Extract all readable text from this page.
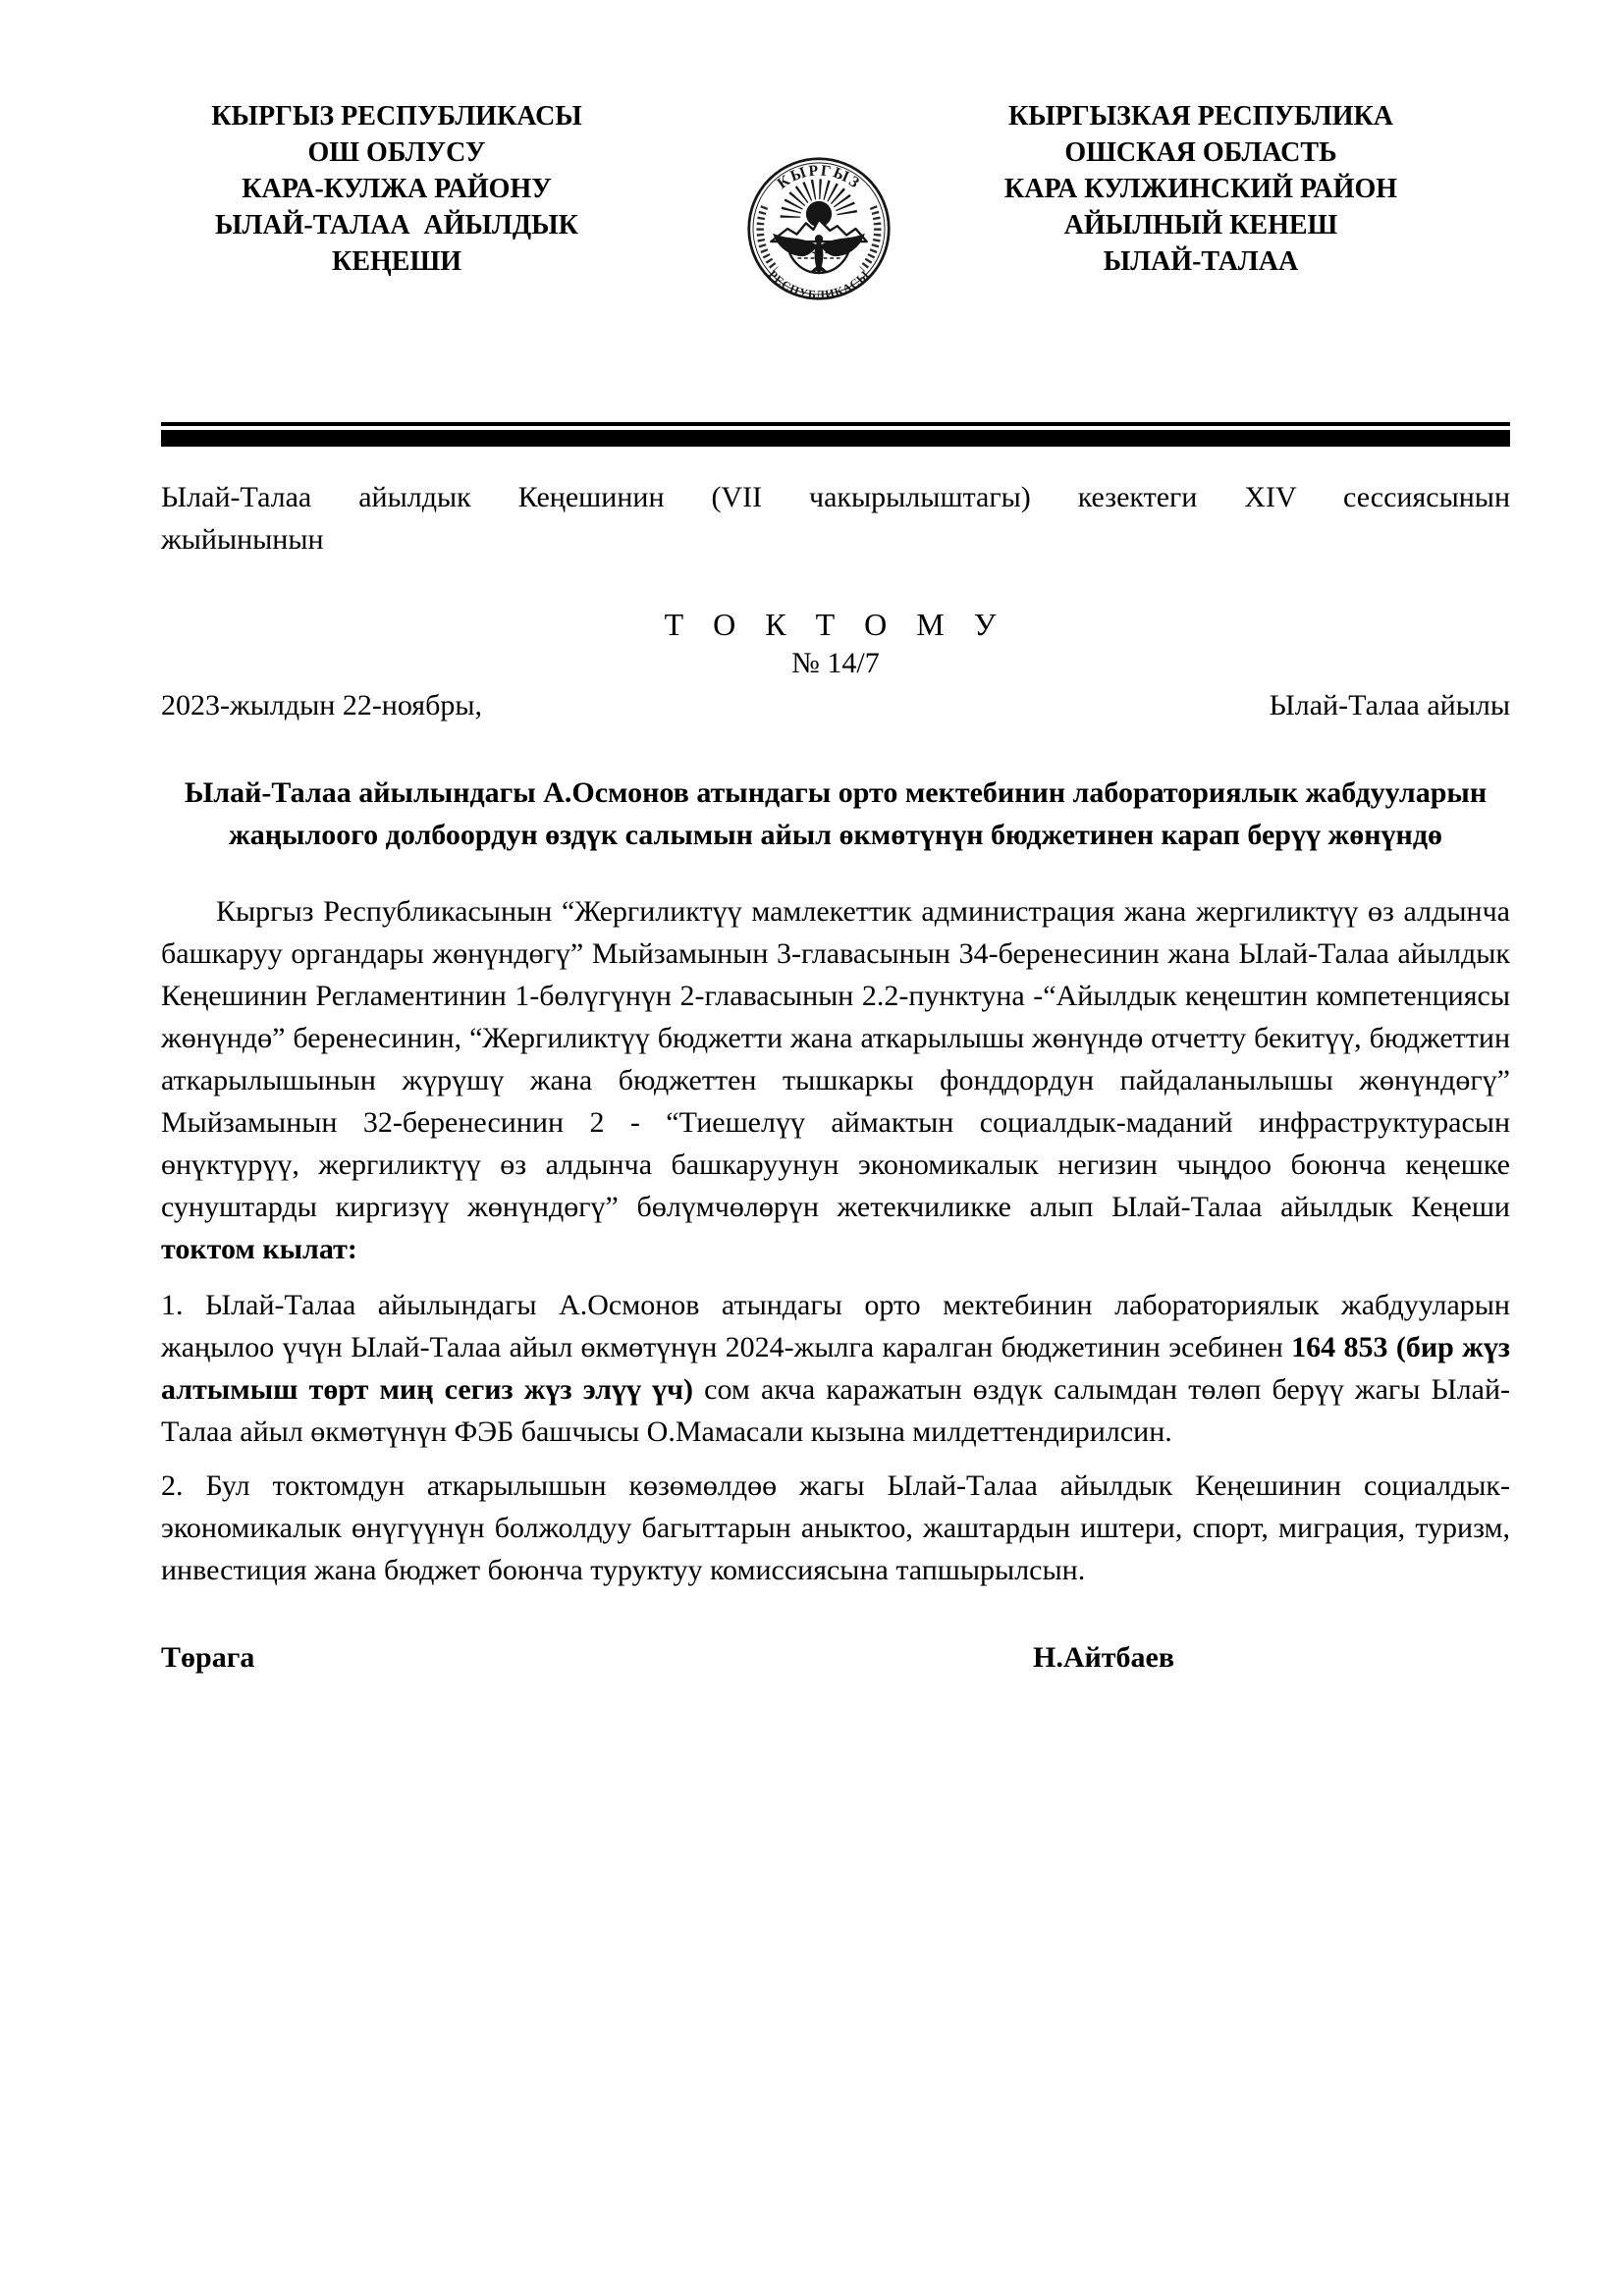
КЫРГЫЗ РЕСПУБЛИКАСЫ
ОШ ОБЛУСУ
КАРА-КУЛЖА РАЙОНУ
ЫЛАЙ-ТАЛАА  АЙЫЛДЫК
КЕҢЕШИ
КЫРГЫЗ
РЕСПУБЛИКАСЫ
КЫРГЫЗКАЯ РЕСПУБЛИКА
ОШСКАЯ ОБЛАСТЬ
КАРА КУЛЖИНСКИЙ РАЙОН
АЙЫЛНЫЙ КЕНЕШ
ЫЛАЙ-ТАЛАА
Ылай-Талаа айылдык Кеңешинин (VII чакырылыштагы) кезектеги XIV сессиясынын
жыйынынын
Т О К Т О М У
№ 14/7
2023-жылдын 22-ноябры,	Ылай-Талаа айылы
Ылай-Талаа айылындагы А.Осмонов атындагы орто мектебинин лабораториялык жабдууларын жаңылоого долбоордун өздүк салымын айыл өкмөтүнүн бюджетинен карап берүү жөнүндө

Кыргыз Республикасынын “Жергиликтүү мамлекеттик администрация жана жергиликтүү өз алдынча башкаруу органдары жөнүндөгү” Мыйзамынын 3-главасынын 34-беренесинин жана Ылай-Талаа айылдык Кеңешинин Регламентинин 1-бөлүгүнүн 2-главасынын 2.2-пунктуна -“Айылдык кеңештин компетенциясы жөнүндө” беренесинин, “Жергиликтүү бюджетти жана аткарылышы жөнүндө отчетту бекитүү, бюджеттин аткарылышынын жүрүшү жана бюджеттен тышкаркы фонддордун пайдаланылышы жөнүндөгү” Мыйзамынын 32-беренесинин 2 - “Тиешелүү аймактын социалдык-маданий инфраструктурасын өнүктүрүү, жергиликтүү өз алдынча башкаруунун экономикалык негизин чыңдоо боюнча кеңешке сунуштарды киргизүү жөнүндөгү” бөлүмчөлөрүн жетекчиликке алып Ылай-Талаа айылдык Кеңеши токтом кылат:

1. Ылай-Талаа айылындагы А.Осмонов атындагы орто мектебинин лабораториялык жабдууларын жаңылоо үчүн Ылай-Талаа айыл өкмөтүнүн 2024-жылга каралган бюджетинин эсебинен 164 853 (бир жүз алтымыш төрт миң сегиз жүз элүү үч) сом акча каражатын өздүк салымдан төлөп берүү жагы Ылай-Талаа айыл өкмөтүнүн ФЭБ башчысы О.Мамасали кызына милдеттендирилсин.

2. Бул токтомдун аткарылышын көзөмөлдөө жагы Ылай-Талаа айылдык Кеңешинин социалдык-экономикалык өнүгүүнүн болжолдуу багыттарын аныктоо, жаштардын иштери, спорт, миграция, туризм, инвестиция жана бюджет боюнча туруктуу комиссиясына тапшырылсын.

Төрага	Н.Айтбаев
